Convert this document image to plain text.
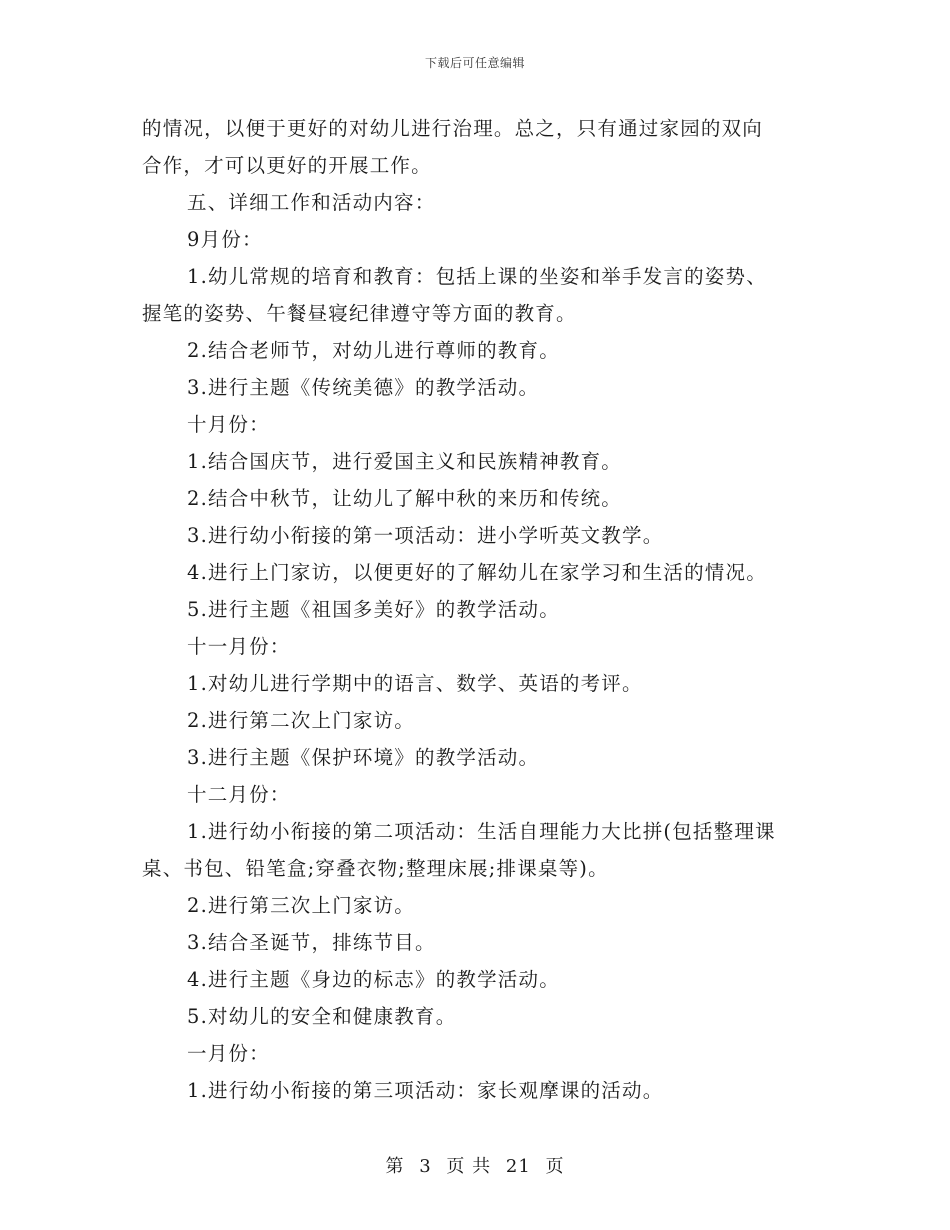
下载后可任意编辑
的情况，以便于更好的对幼儿进行治理。总之，只有通过家园的双向
合作，才可以更好的开展工作。
五、详细工作和活动内容：
9月份：
1.幼儿常规的培育和教育：包括上课的坐姿和举手发言的姿势、
握笔的姿势、午餐昼寝纪律遵守等方面的教育。
2.结合老师节，对幼儿进行尊师的教育。
3.进行主题《传统美德》的教学活动。
十月份：
1.结合国庆节，进行爱国主义和民族精神教育。
2.结合中秋节，让幼儿了解中秋的来历和传统。
3.进行幼小衔接的第一项活动：进小学听英文教学。
4.进行上门家访，以便更好的了解幼儿在家学习和生活的情况。
5.进行主题《祖国多美好》的教学活动。
十一月份：
1.对幼儿进行学期中的语言、数学、英语的考评。
2.进行第二次上门家访。
3.进行主题《保护环境》的教学活动。
十二月份：
1.进行幼小衔接的第二项活动：生活自理能力大比拼(包括整理课
桌、书包、铅笔盒;穿叠衣物;整理床展;排课桌等)。
2.进行第三次上门家访。
3.结合圣诞节，排练节目。
4.进行主题《身边的标志》的教学活动。
5.对幼儿的安全和健康教育。
一月份：
1.进行幼小衔接的第三项活动：家长观摩课的活动。
第 3 页 共 21 页
